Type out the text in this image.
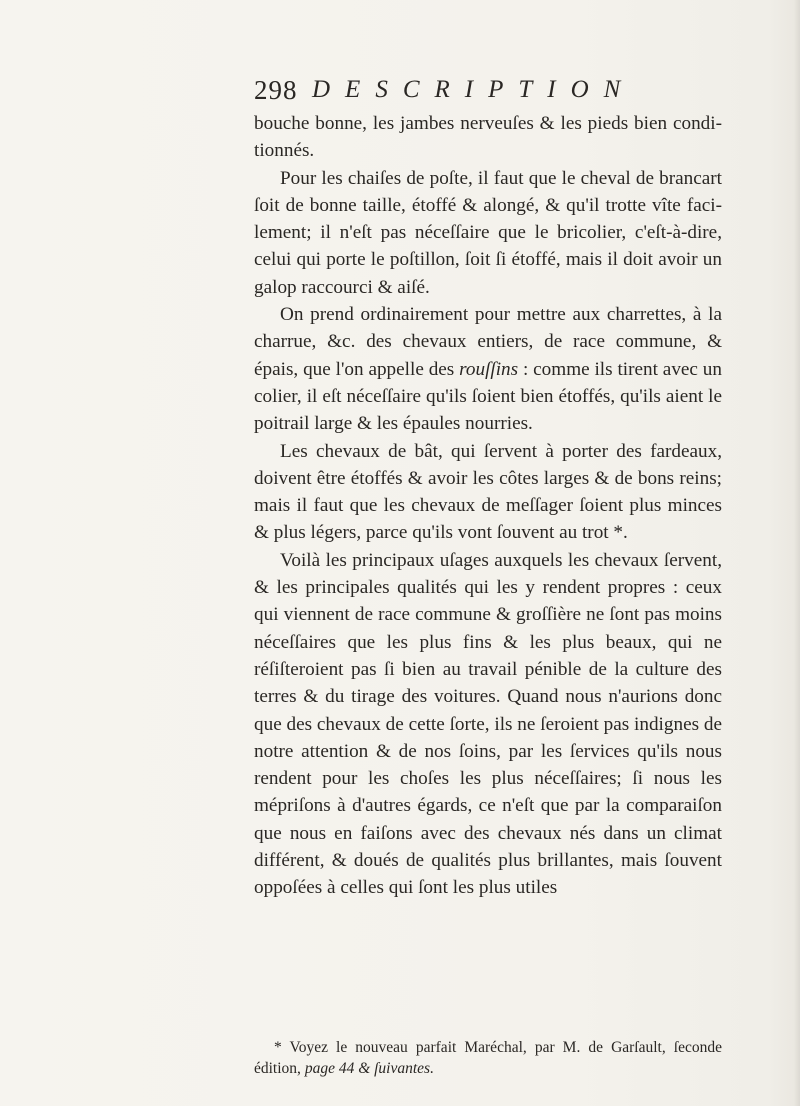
298 DESCRIPTION

bouche bonne, les jambes nerveuſes & les pieds bien conditionnés.

Pour les chaiſes de poſte, il faut que le cheval de brancart ſoit de bonne taille, étoffé & alongé, & qu'il trotte vîte facilement; il n'eſt pas néceſſaire que le bricolier, c'eſt-à-dire, celui qui porte le poſtillon, ſoit ſi étoffé, mais il doit avoir un galop raccourci & aiſé.

On prend ordinairement pour mettre aux charrettes, à la charrue, &c. des chevaux entiers, de race commune, & épais, que l'on appelle des rouſſins : comme ils tirent avec un colier, il eſt néceſſaire qu'ils ſoient bien étoffés, qu'ils aient le poitrail large & les épaules nourries.

Les chevaux de bât, qui ſervent à porter des fardeaux, doivent être étoffés & avoir les côtes larges & de bons reins; mais il faut que les chevaux de meſſager ſoient plus minces & plus légers, parce qu'ils vont ſouvent au trot *.

Voilà les principaux uſages auxquels les chevaux ſervent, & les principales qualités qui les y rendent propres : ceux qui viennent de race commune & groſſière ne ſont pas moins néceſſaires que les plus fins & les plus beaux, qui ne réſiſteroient pas ſi bien au travail pénible de la culture des terres & du tirage des voitures. Quand nous n'aurions donc que des chevaux de cette ſorte, ils ne ſeroient pas indignes de notre attention & de nos ſoins, par les ſervices qu'ils nous rendent pour les choſes les plus néceſſaires; ſi nous les mépriſons à d'autres égards, ce n'eſt que par la comparaiſon que nous en faiſons avec des chevaux nés dans un climat différent, & doués de qualités plus brillantes, mais ſouvent oppoſées à celles qui ſont les plus utiles

* Voyez le nouveau parfait Maréchal, par M. de Garſault, ſeconde édition, page 44 & ſuivantes.
